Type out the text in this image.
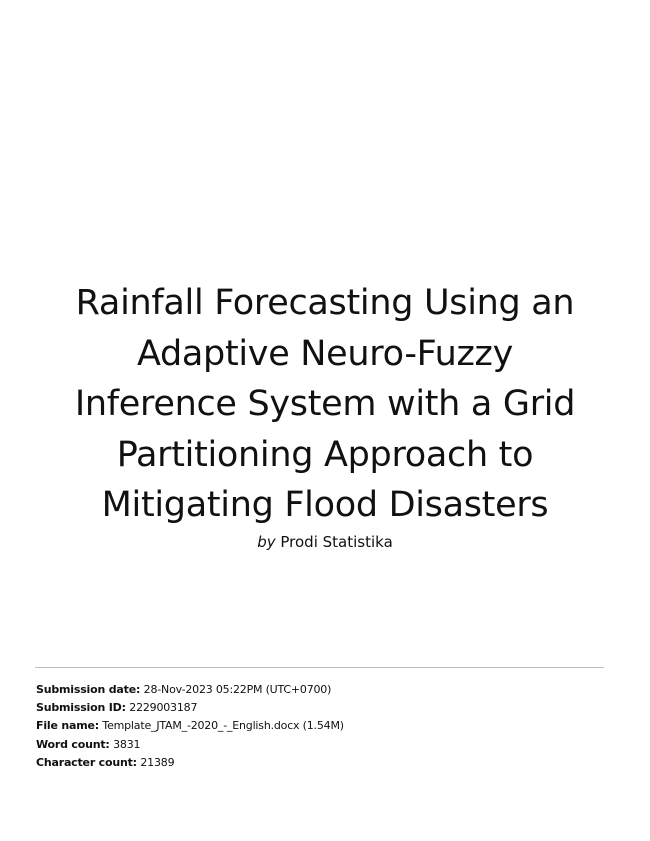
Rainfall Forecasting Using an
Adaptive Neuro-Fuzzy
Inference System with a Grid
Partitioning Approach to
Mitigating Flood Disasters
by Prodi Statistika
Submission date: 28-Nov-2023 05:22PM (UTC+0700)
Submission ID: 2229003187
File name: Template_JTAM_-2020_-_English.docx (1.54M)
Word count: 3831
Character count: 21389
